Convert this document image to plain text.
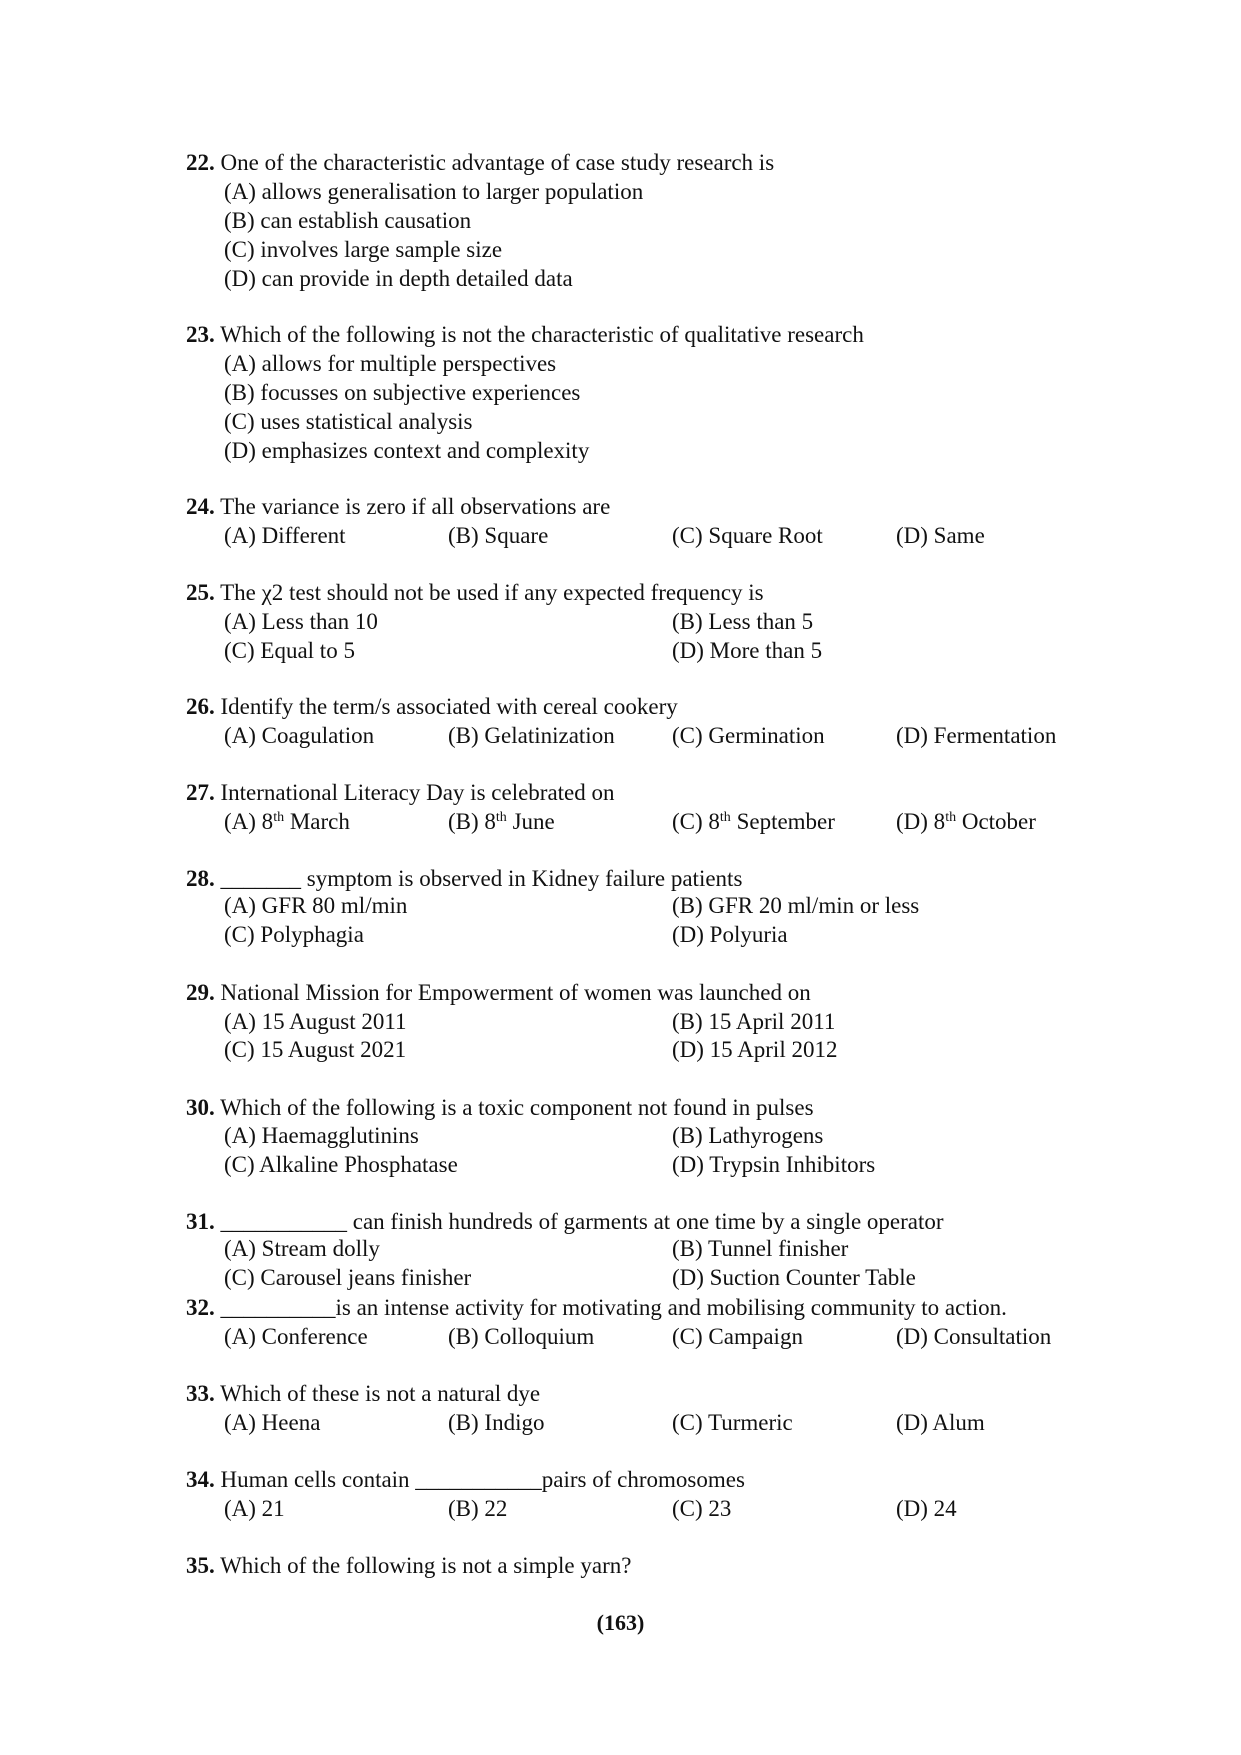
22. One of the characteristic advantage of case study research is
(A) allows generalisation to larger population
(B) can establish causation
(C) involves large sample size
(D) can provide in depth detailed data
23. Which of the following is not the characteristic of qualitative research
(A) allows for multiple perspectives
(B) focusses on subjective experiences
(C) uses statistical analysis
(D) emphasizes context and complexity
24. The variance is zero if all observations are
(A) Different	(B) Square	(C) Square Root	(D) Same
25. The χ2 test should not be used if any expected frequency is
(A) Less than 10	(B) Less than 5
(C) Equal to 5	(D) More than 5
26. Identify the term/s associated with cereal cookery
(A) Coagulation	(B) Gelatinization (C) Germination	(D) Fermentation
27. International Literacy Day is celebrated on
(A) 8th March	(B) 8th June	(C) 8th September	(D) 8th October
28. _______ symptom is observed in Kidney failure patients
(A) GFR 80 ml/min	(B) GFR 20 ml/min or less
(C) Polyphagia	(D) Polyuria
29. National Mission for Empowerment of women was launched on
(A) 15 August 2011	(B) 15 April 2011
(C) 15 August 2021	(D) 15 April 2012
30. Which of the following is a toxic component not found in pulses
(A) Haemagglutinins	(B) Lathyrogens
(C) Alkaline Phosphatase	(D) Trypsin Inhibitors
31. ___________ can finish hundreds of garments at one time by a single operator
(A) Stream dolly	(B) Tunnel finisher
(C) Carousel jeans finisher	(D) Suction Counter Table
32. __________is an intense activity for motivating and mobilising community to action.
(A) Conference	(B) Colloquium	(C) Campaign	(D) Consultation
33. Which of these is not a natural dye
(A) Heena	(B) Indigo	(C) Turmeric	(D) Alum
34. Human cells contain ___________pairs of chromosomes
(A) 21	(B) 22	(C) 23	(D) 24
35. Which of the following is not a simple yarn?
(163)
